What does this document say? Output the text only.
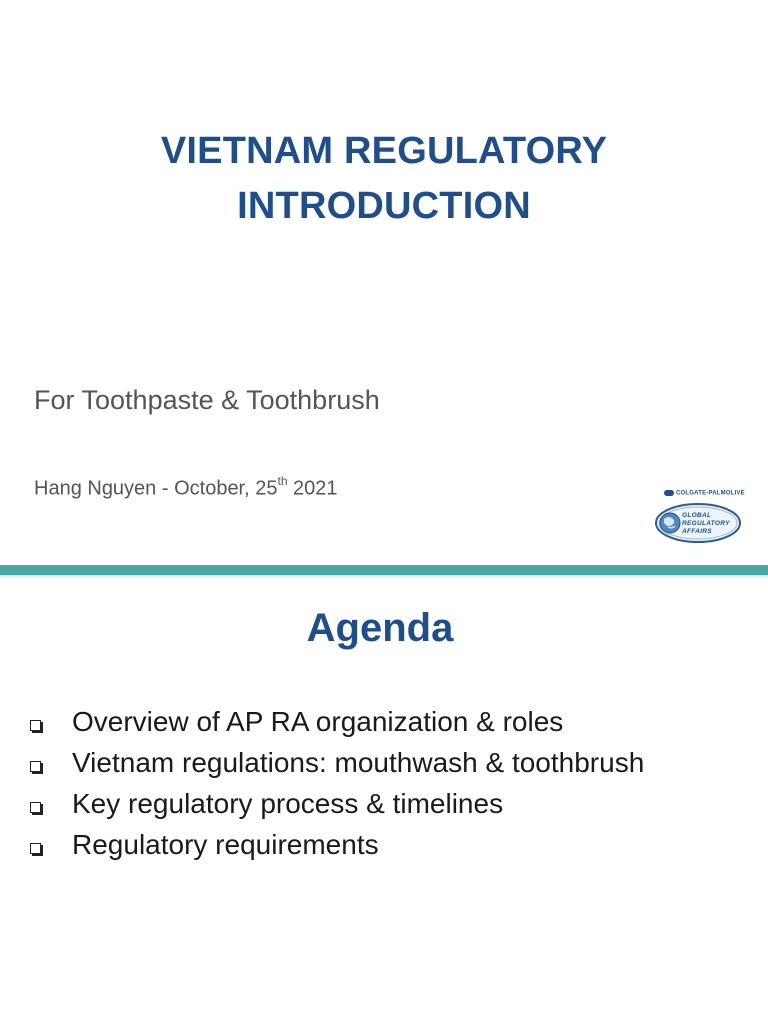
VIETNAM REGULATORY
INTRODUCTION
For Toothpaste & Toothbrush
Hang Nguyen - October, 25th 2021	COLGATE-PALMOLIVE
GLOBAL
REGULATORY
AFFAIRS
Agenda
Overview of AP RA organization & roles
Vietnam regulations: mouthwash & toothbrush
Key regulatory process & timelines
Regulatory requirements
